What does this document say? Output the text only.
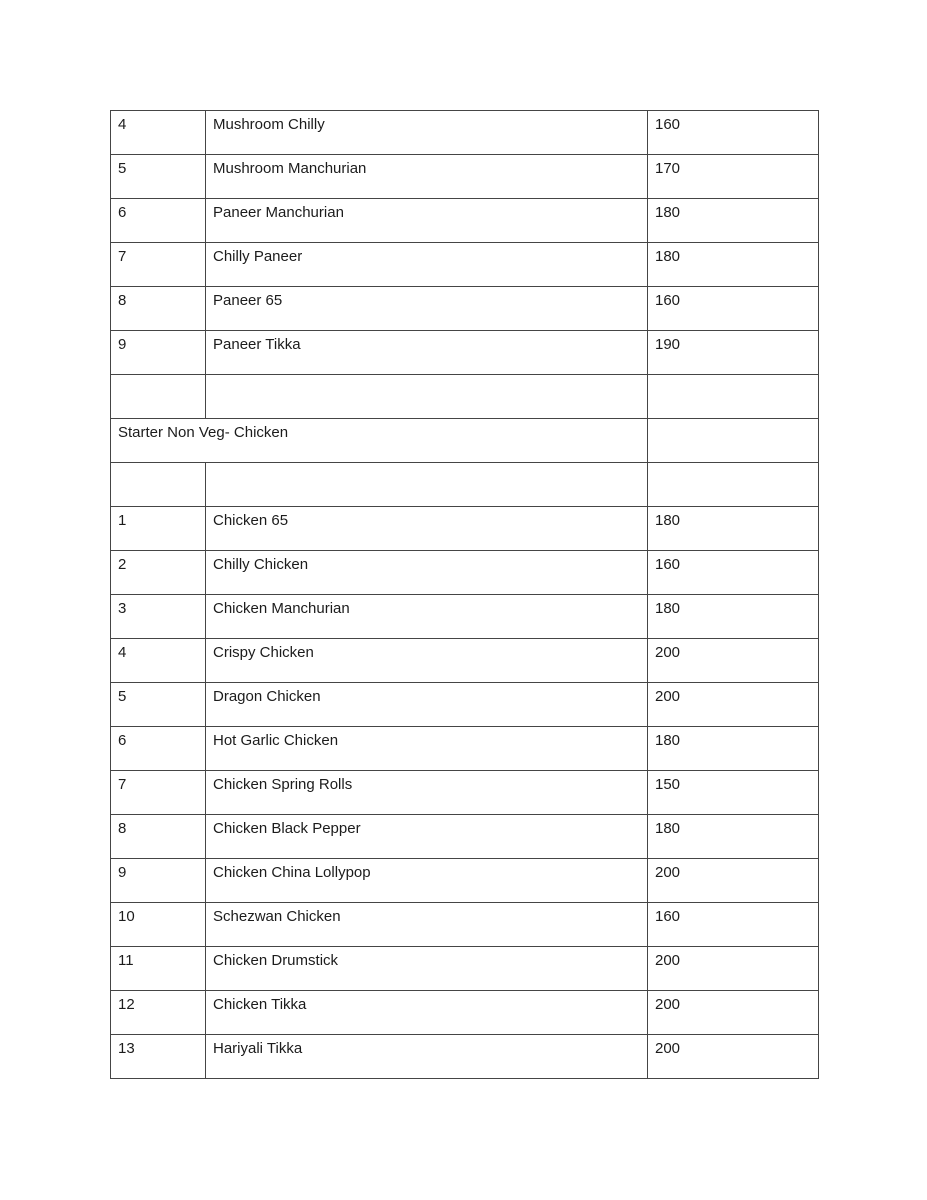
4	Mushroom Chilly	160
5	Mushroom Manchurian	170
6	Paneer Manchurian	180
7	Chilly Paneer	180
8	Paneer 65	160
9	Paneer Tikka	190

Starter Non Veg- Chicken		

1	Chicken 65	180
2	Chilly Chicken	160
3	Chicken Manchurian	180
4	Crispy Chicken	200
5	Dragon Chicken	200
6	Hot Garlic Chicken	180
7	Chicken Spring Rolls	150
8	Chicken Black Pepper	180
9	Chicken China Lollypop	200
10	Schezwan Chicken	160
11	Chicken Drumstick	200
12	Chicken Tikka	200
13	Hariyali Tikka	200
